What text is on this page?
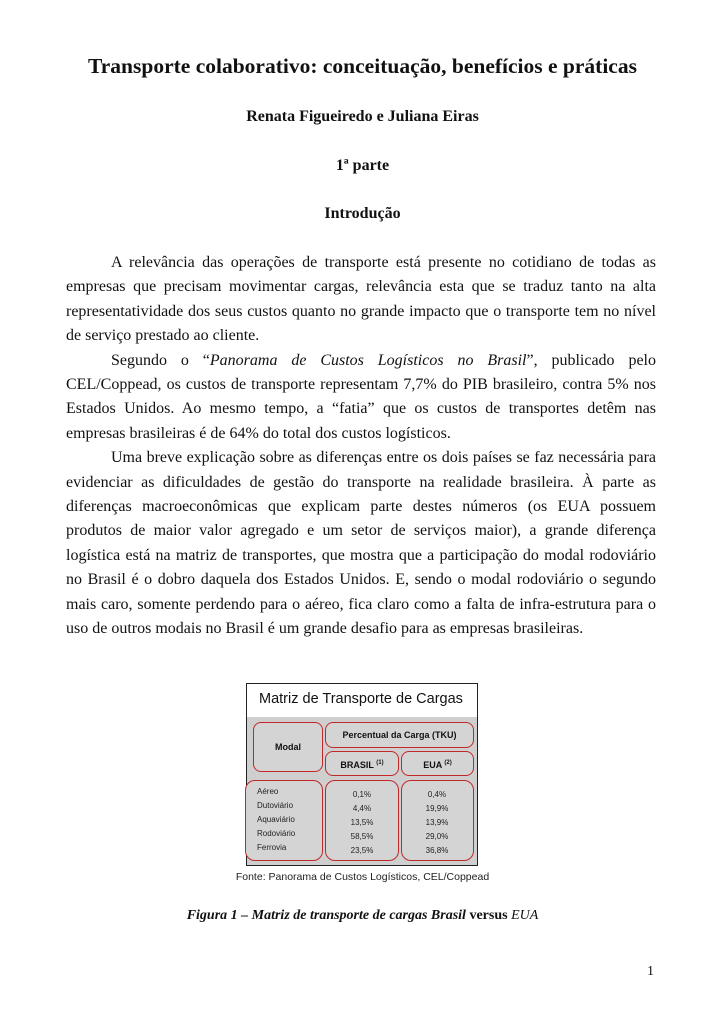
Transporte colaborativo: conceituação, benefícios e práticas
Renata Figueiredo e Juliana Eiras
1ª parte
Introdução

A relevância das operações de transporte está presente no cotidiano de todas as empresas que precisam movimentar cargas, relevância esta que se traduz tanto na alta representatividade dos seus custos quanto no grande impacto que o transporte tem no nível de serviço prestado ao cliente.

Segundo o “Panorama de Custos Logísticos no Brasil”, publicado pelo CEL/Coppead, os custos de transporte representam 7,7% do PIB brasileiro, contra 5% nos Estados Unidos. Ao mesmo tempo, a “fatia” que os custos de transportes detêm nas empresas brasileiras é de 64% do total dos custos logísticos.

Uma breve explicação sobre as diferenças entre os dois países se faz necessária para evidenciar as dificuldades de gestão do transporte na realidade brasileira. À parte as diferenças macroeconômicas que explicam parte destes números (os EUA possuem produtos de maior valor agregado e um setor de serviços maior), a grande diferença logística está na matriz de transportes, que mostra que a participação do modal rodoviário no Brasil é o dobro daquela dos Estados Unidos. E, sendo o modal rodoviário o segundo mais caro, somente perdendo para o aéreo, fica claro como a falta de infra-estrutura para o uso de outros modais no Brasil é um grande desafio para as empresas brasileiras.

Matriz de Transporte de Cargas
Modal
Percentual da Carga (TKU)
BRASIL $^{(1)}$	EUA $^{(2)}$
Aéreo
Dutoviário
Aquaviário
Rodoviário
Ferrovia
0,1%
4,4%
13,5%
58,5%
23,5%
0,4%
19,9%
13,9%
29,0%
36,8%
Fonte: Panorama de Custos Logísticos, CEL/Coppead
Figura 1 – Matriz de transporte de cargas Brasil versus EUA
1
